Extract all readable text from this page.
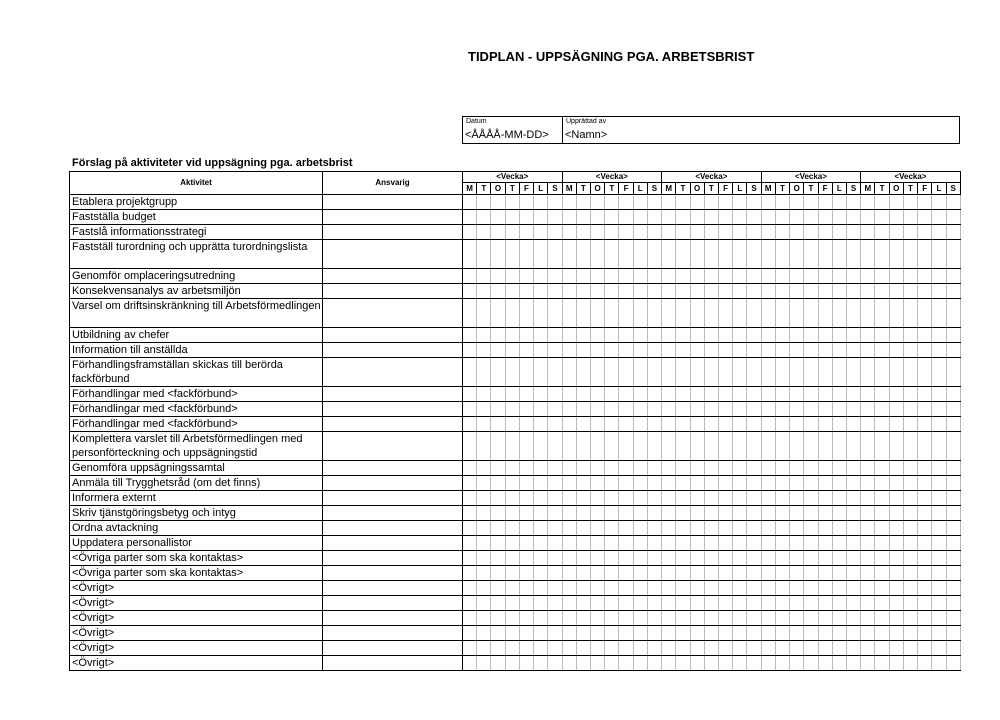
TIDPLAN - UPPSÄGNING PGA. ARBETSBRIST
Datum
<ÅÅÅÅ-MM-DD>
Upprättad av
<Namn>
Förslag på aktiviteter vid uppsägning pga. arbetsbrist
Aktivitet	Ansvarig	<Vecka>							<Vecka>							<Vecka>							<Vecka>							<Vecka>						
		M	T	O	T	F	L	S	M	T	O	T	F	L	S	M	T	O	T	F	L	S	M	T	O	T	F	L	S	M	T	O	T	F	L	S
Etablera projektgrupp																																				
Fastställa budget																																				
Fastslå informationsstrategi																																				
Fastställ turordning och upprätta turordningslista																																				
Genomför omplaceringsutredning																																				
Konsekvensanalys av arbetsmiljön																																				
Varsel om driftsinskränkning till Arbetsförmedlingen																																				
Utbildning av chefer																																				
Information till anställda																																				
Förhandlingsframställan skickas till berörda fackförbund																																				
Förhandlingar med <fackförbund>																																				
Förhandlingar med <fackförbund>																																				
Förhandlingar med <fackförbund>																																				
Komplettera varslet till Arbetsförmedlingen med personförteckning och uppsägningstid																																				
Genomföra uppsägningssamtal																																				
Anmäla till Trygghetsråd (om det finns)																																				
Informera externt																																				
Skriv tjänstgöringsbetyg och intyg																																				
Ordna avtackning																																				
Uppdatera personallistor																																				
<Övriga parter som ska kontaktas>																																				
<Övriga parter som ska kontaktas>																																				
<Övrigt>																																				
<Övrigt>																																				
<Övrigt>																																				
<Övrigt>																																				
<Övrigt>																																				
<Övrigt>																																				
